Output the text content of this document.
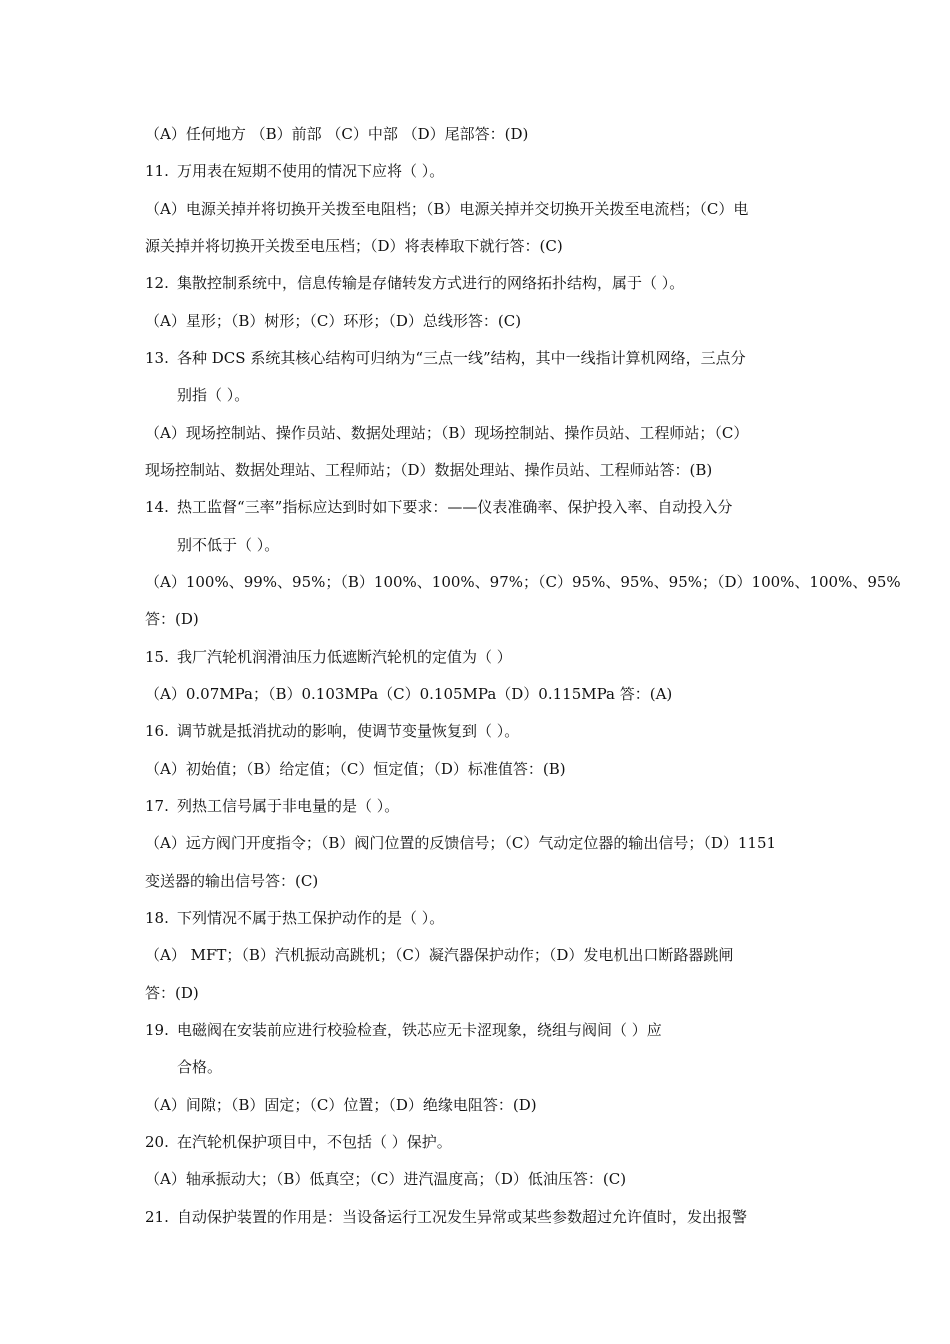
（A）任何地方 （B）前部 （C）中部 （D）尾部答：(D)
11. 万用表在短期不使用的情况下应将（ ）。
（A）电源关掉并将切换开关拨至电阻档；（B）电源关掉并交切换开关拨至电流档；（C）电
源关掉并将切换开关拨至电压档；（D）将表棒取下就行答：(C)
12. 集散控制系统中，信息传输是存储转发方式进行的网络拓扑结构，属于（ ）。
（A）星形；（B）树形；（C）环形；（D）总线形答：(C)
13. 各种 DCS 系统其核心结构可归纳为“三点一线”结构，其中一线指计算机网络，三点分
别指（ ）。
（A）现场控制站、操作员站、数据处理站；（B）现场控制站、操作员站、工程师站；（C）
现场控制站、数据处理站、工程师站；（D）数据处理站、操作员站、工程师站答：(B)
14. 热工监督“三率”指标应达到时如下要求：——仪表准确率、保护投入率、自动投入分
别不低于（ ）。
（A）100%、99%、95%；（B）100%、100%、97%；（C）95%、95%、95%；（D）100%、100%、95%
答：(D)
15. 我厂汽轮机润滑油压力低遮断汽轮机的定值为（ ）
（A）0.07MPa；（B）0.103MPa（C）0.105MPa（D）0.115MPa 答：(A)
16. 调节就是抵消扰动的影响，使调节变量恢复到（ ）。
（A）初始值；（B）给定值；（C）恒定值；（D）标准值答：(B)
17. 列热工信号属于非电量的是（ ）。
（A）远方阀门开度指令；（B）阀门位置的反馈信号；（C）气动定位器的输出信号；（D）1151
变送器的输出信号答：(C)
18. 下列情况不属于热工保护动作的是（ ）。
（A） MFT；（B）汽机振动高跳机；（C）凝汽器保护动作；（D）发电机出口断路器跳闸
答：(D)
19. 电磁阀在安装前应进行校验检查，铁芯应无卡涩现象，绕组与阀间（ ）应
合格。
（A）间隙；（B）固定；（C）位置；（D）绝缘电阻答：(D)
20. 在汽轮机保护项目中，不包括（ ）保护。
（A）轴承振动大；（B）低真空；（C）进汽温度高；（D）低油压答：(C)
21. 自动保护装置的作用是：当设备运行工况发生异常或某些参数超过允许值时，发出报警
